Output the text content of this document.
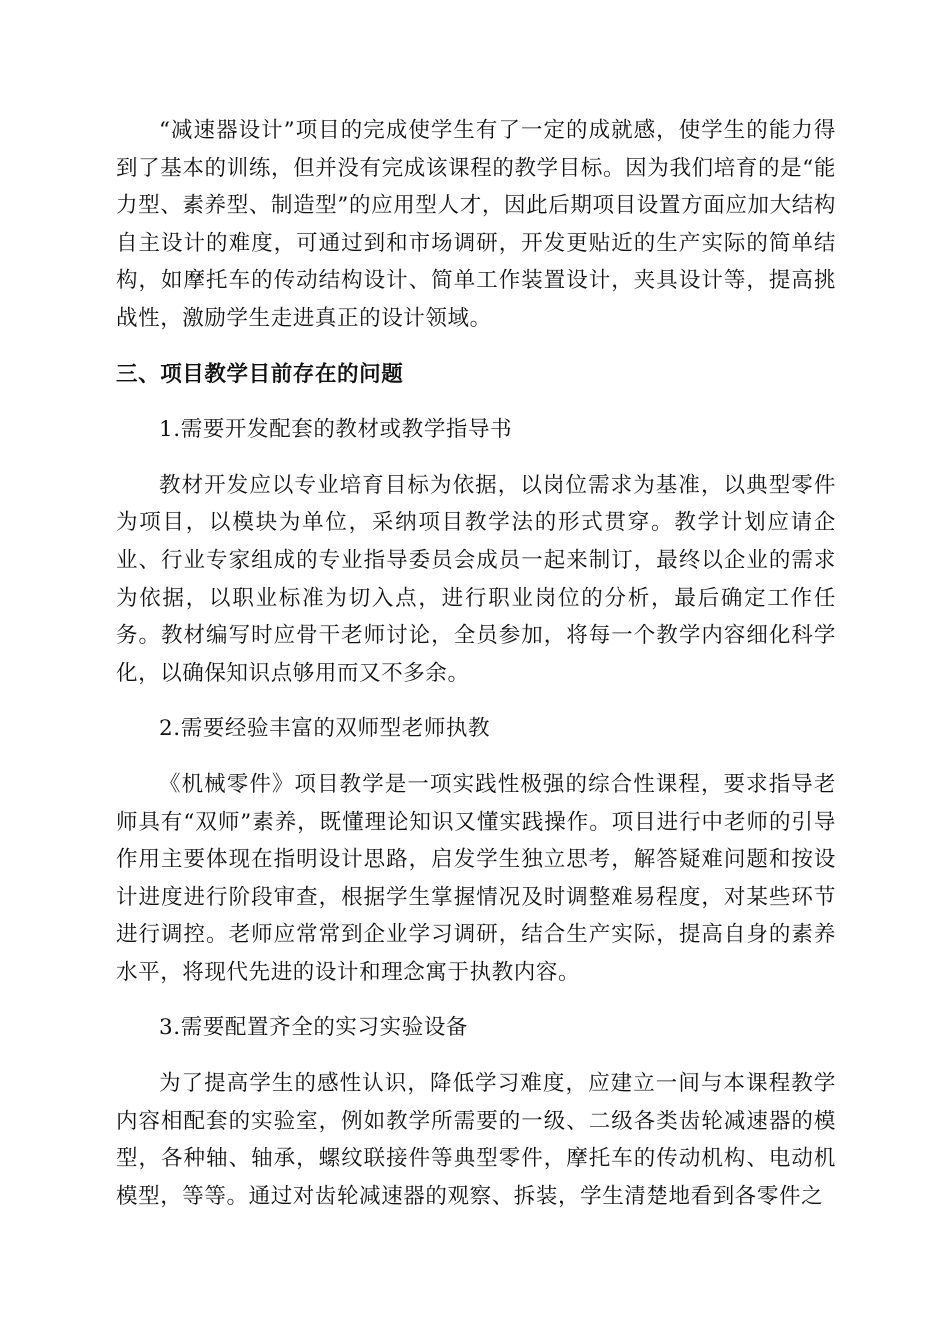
“减速器设计”项目的完成使学生有了一定的成就感，使学生的能力得到了基本的训练，但并没有完成该课程的教学目标。因为我们培育的是“能力型、素养型、制造型”的应用型人才，因此后期项目设置方面应加大结构自主设计的难度，可通过到和市场调研，开发更贴近的生产实际的简单结构，如摩托车的传动结构设计、简单工作装置设计，夹具设计等，提高挑战性，激励学生走进真正的设计领域。

三、项目教学目前存在的问题

1.需要开发配套的教材或教学指导书

教材开发应以专业培育目标为依据，以岗位需求为基准，以典型零件为项目，以模块为单位，采纳项目教学法的形式贯穿。教学计划应请企业、行业专家组成的专业指导委员会成员一起来制订，最终以企业的需求为依据，以职业标准为切入点，进行职业岗位的分析，最后确定工作任务。教材编写时应骨干老师讨论，全员参加，将每一个教学内容细化科学化，以确保知识点够用而又不多余。

2.需要经验丰富的双师型老师执教

《机械零件》项目教学是一项实践性极强的综合性课程，要求指导老师具有“双师”素养，既懂理论知识又懂实践操作。项目进行中老师的引导作用主要体现在指明设计思路，启发学生独立思考，解答疑难问题和按设计进度进行阶段审查，根据学生掌握情况及时调整难易程度，对某些环节进行调控。老师应常常到企业学习调研，结合生产实际，提高自身的素养水平，将现代先进的设计和理念寓于执教内容。

3.需要配置齐全的实习实验设备

为了提高学生的感性认识，降低学习难度，应建立一间与本课程教学内容相配套的实验室，例如教学所需要的一级、二级各类齿轮减速器的模型，各种轴、轴承，螺纹联接件等典型零件，摩托车的传动机构、电动机模型，等等。通过对齿轮减速器的观察、拆装，学生清楚地看到各零件之
